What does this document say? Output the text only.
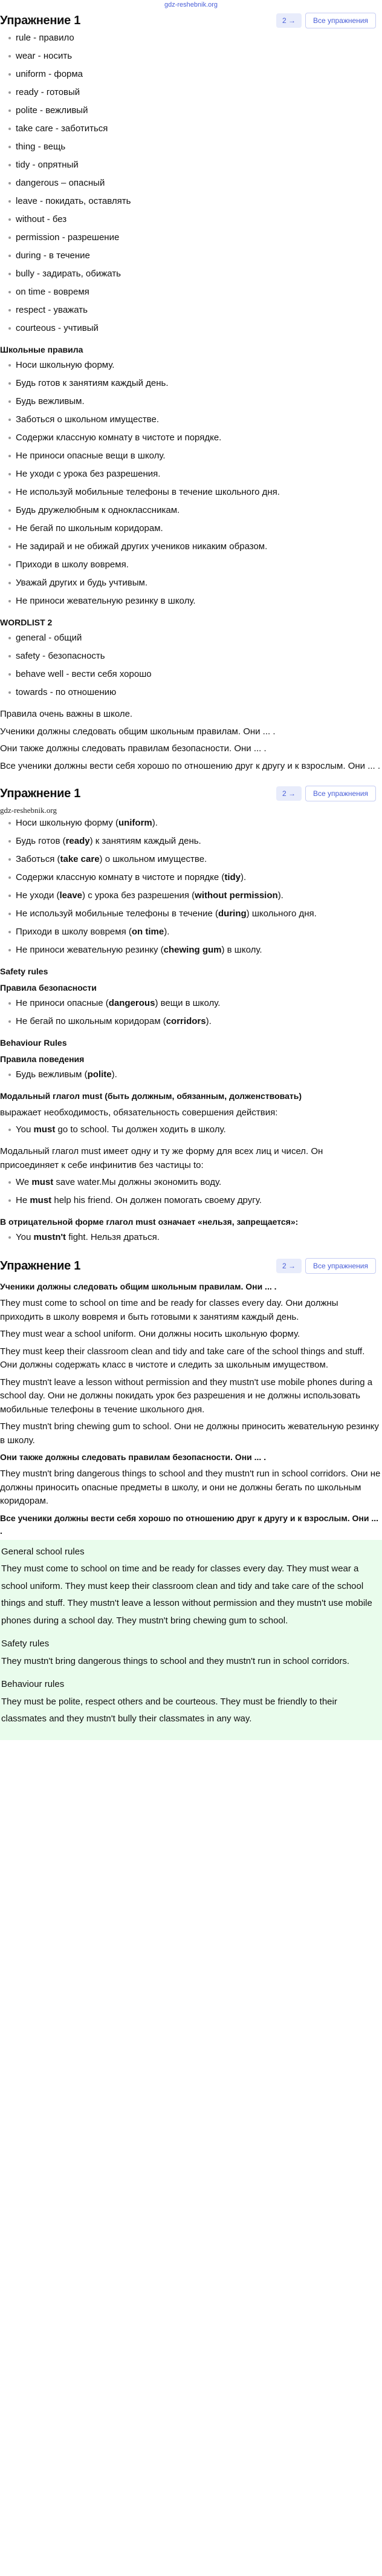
gdz-reshebnik.org
Упражнение 1	2 →	Все упражнения
rule - правило
wear - носить
uniform - форма
ready - готовый
polite - вежливый
take care - заботиться
thing - вещь
tidy - опрятный
dangerous – опасный
leave - покидать, оставлять
without - без
permission - разрешение
during - в течение
bully - задирать, обижать
on time - вовремя
respect - уважать
courteous - учтивый
Школьные правила
Носи школьную форму.
Будь готов к занятиям каждый день.
Будь вежливым.
Заботься о школьном имуществе.
Содержи классную комнату в чистоте и порядке.
Не приноси опасные вещи в школу.
Не уходи с урока без разрешения.
Не используй мобильные телефоны в течение школьного дня.
Будь дружелюбным к одноклассникам.
Не бегай по школьным коридорам.
Не задирай и не обижай других учеников никаким образом.
Приходи в школу вовремя.
Уважай других и будь учтивым.
Не приноси жевательную резинку в школу.
WORDLIST 2
general - общий
safety - безопасность
behave well - вести себя хорошо
towards - по отношению

Правила очень важны в школе.

Ученики должны следовать общим школьным правилам. Они ... .

Они также должны следовать правилам безопасности. Они ... .

Все ученики должны вести себя хорошо по отношению друг к другу и к взрослым. Они ... .

Упражнение 1	2 →	Все упражнения
gdz-reshebnik.org
Носи школьную форму (uniform).
Будь готов (ready) к занятиям каждый день.
Заботься (take care) о школьном имуществе.
Содержи классную комнату в чистоте и порядке (tidy).
Не уходи (leave) с урока без разрешения (without permission).
Не используй мобильные телефоны в течение (during) школьного дня.
Приходи в школу вовремя (on time).
Не приноси жевательную резинку (chewing gum) в школу.
Safety rules
Правила безопасности
Не приноси опасные (dangerous) вещи в школу.
Не бегай по школьным коридорам (corridors).
Behaviour Rules
Правила поведения
Будь вежливым (polite).
Модальный глагол must (быть должным, обязанным, долженствовать)

выражает необходимость, обязательность совершения действия:

You must go to school. Ты должен ходить в школу.

Модальный глагол must имеет одну и ту же форму для всех лиц и чисел. Он присоединяет к себе инфинитив без частицы to:

We must save water.Мы должны экономить воду.
He must help his friend. Он должен помогать своему другу.
В отрицательной форме глагол must означает «нельзя, запрещается»:
You mustn't fight. Нельзя драться.
Упражнение 1	2 →	Все упражнения
Ученики должны следовать общим школьным правилам. Они ... .

They must come to school on time and be ready for classes every day. Они должны приходить в школу вовремя и быть готовыми к занятиям каждый день.

They must wear a school uniform. Они должны носить школьную форму.

They must keep their classroom clean and tidy and take care of the school things and stuff. Они должны содержать класс в чистоте и следить за школьным имуществом.

They mustn't leave a lesson without permission and they mustn't use mobile phones during a school day. Они не должны покидать урок без разрешения и не должны использовать мобильные телефоны в течение школьного дня.

They mustn't bring chewing gum to school. Они не должны приносить жевательную резинку в школу.

Они также должны следовать правилам безопасности. Они ... .

They mustn't bring dangerous things to school and they mustn't run in school corridors. Они не должны приносить опасные предметы в школу, и они не должны бегать по школьным коридорам.

Все ученики должны вести себя хорошо по отношению друг к другу и к взрослым. Они ... .
General school rules

They must come to school on time and be ready for classes every day. They must wear a school uniform. They must keep their classroom clean and tidy and take care of the school things and stuff. They mustn't leave a lesson without permission and they mustn't use mobile phones during a school day. They mustn't bring chewing gum to school.

Safety rules

They mustn't bring dangerous things to school and they mustn't run in school corridors.

Behaviour rules

They must be polite, respect others and be courteous. They must be friendly to their classmates and they mustn't bully their classmates in any way.
